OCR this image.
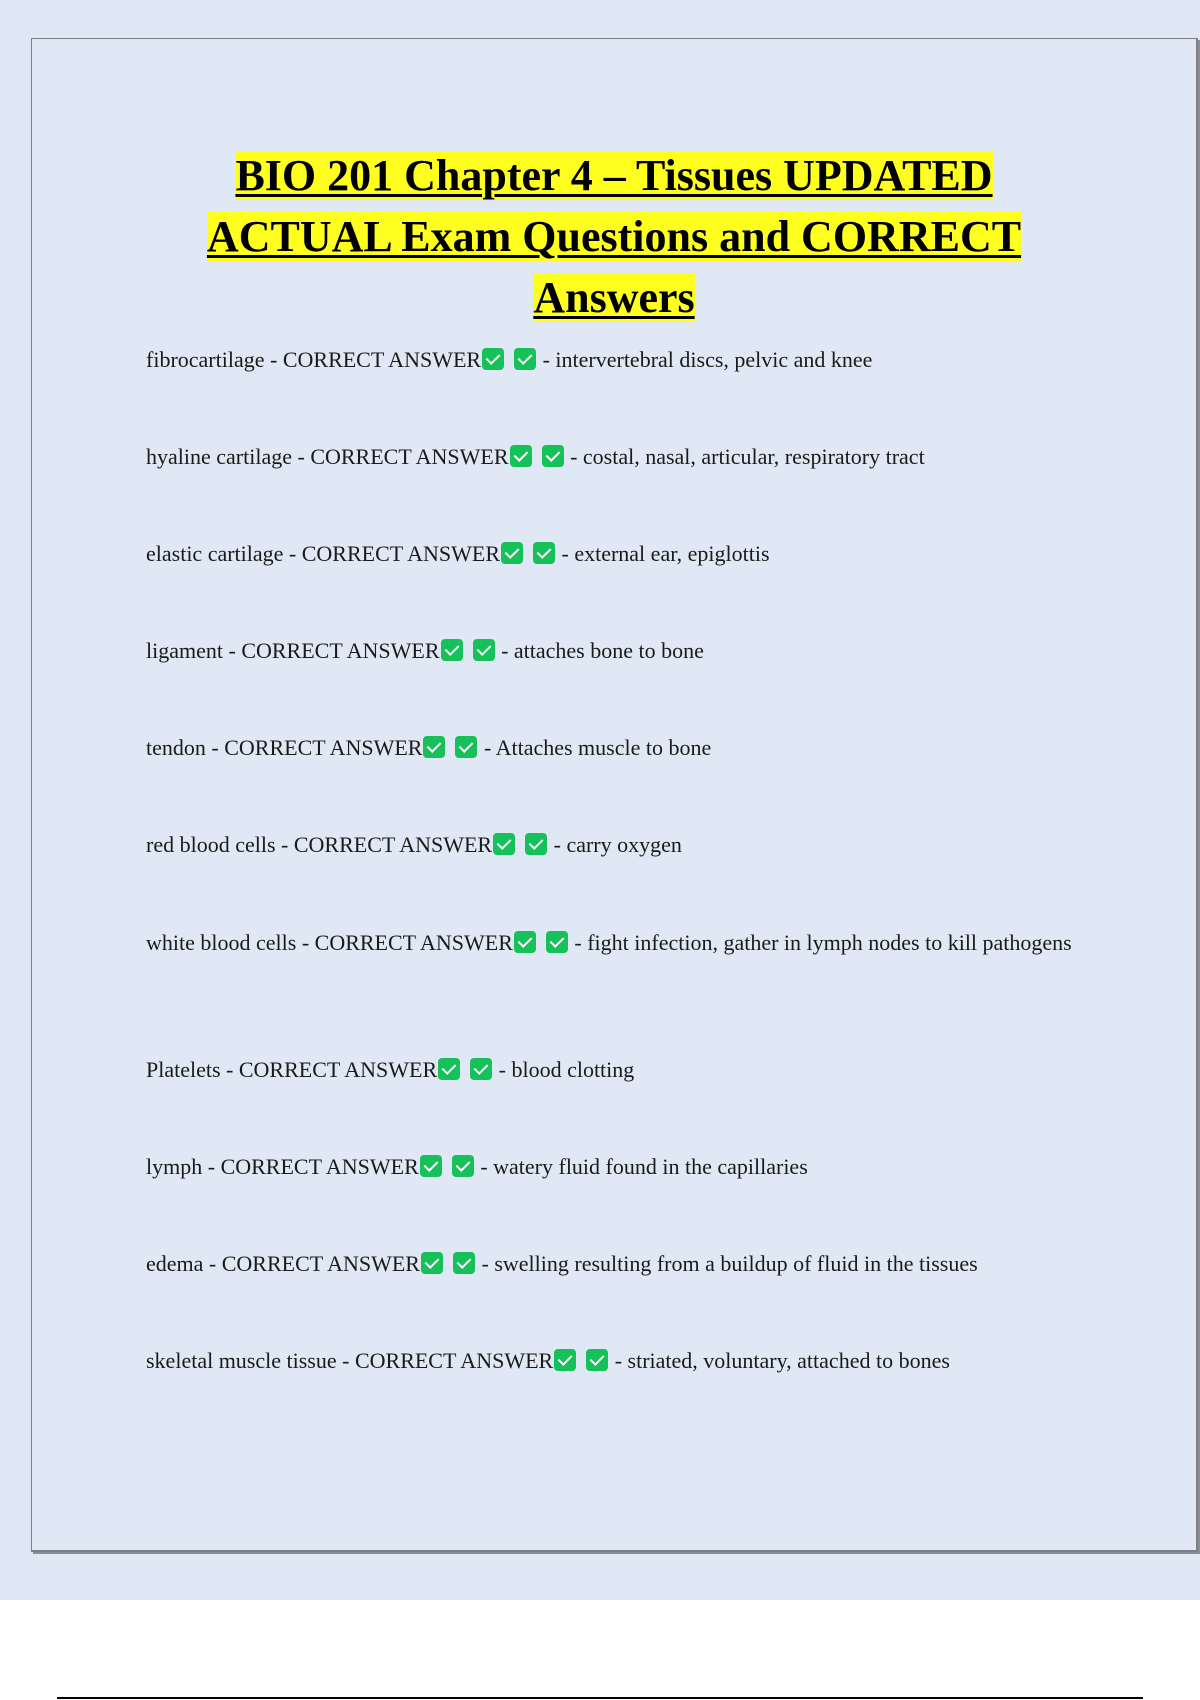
BIO 201 Chapter 4 – Tissues UPDATED
ACTUAL Exam Questions and CORRECT
Answers
fibrocartilage - CORRECT ANSWER	- intervertebral discs, pelvic and knee
hyaline cartilage - CORRECT ANSWER	- costal, nasal, articular, respiratory tract
elastic cartilage - CORRECT ANSWER	- external ear, epiglottis
ligament - CORRECT ANSWER	- attaches bone to bone
tendon - CORRECT ANSWER	- Attaches muscle to bone
red blood cells - CORRECT ANSWER	- carry oxygen
white blood cells - CORRECT ANSWER	- fight infection, gather in lymph nodes to kill pathogens
Platelets - CORRECT ANSWER	- blood clotting
lymph - CORRECT ANSWER	- watery fluid found in the capillaries
edema - CORRECT ANSWER	- swelling resulting from a buildup of fluid in the tissues
skeletal muscle tissue - CORRECT ANSWER	- striated, voluntary, attached to bones
